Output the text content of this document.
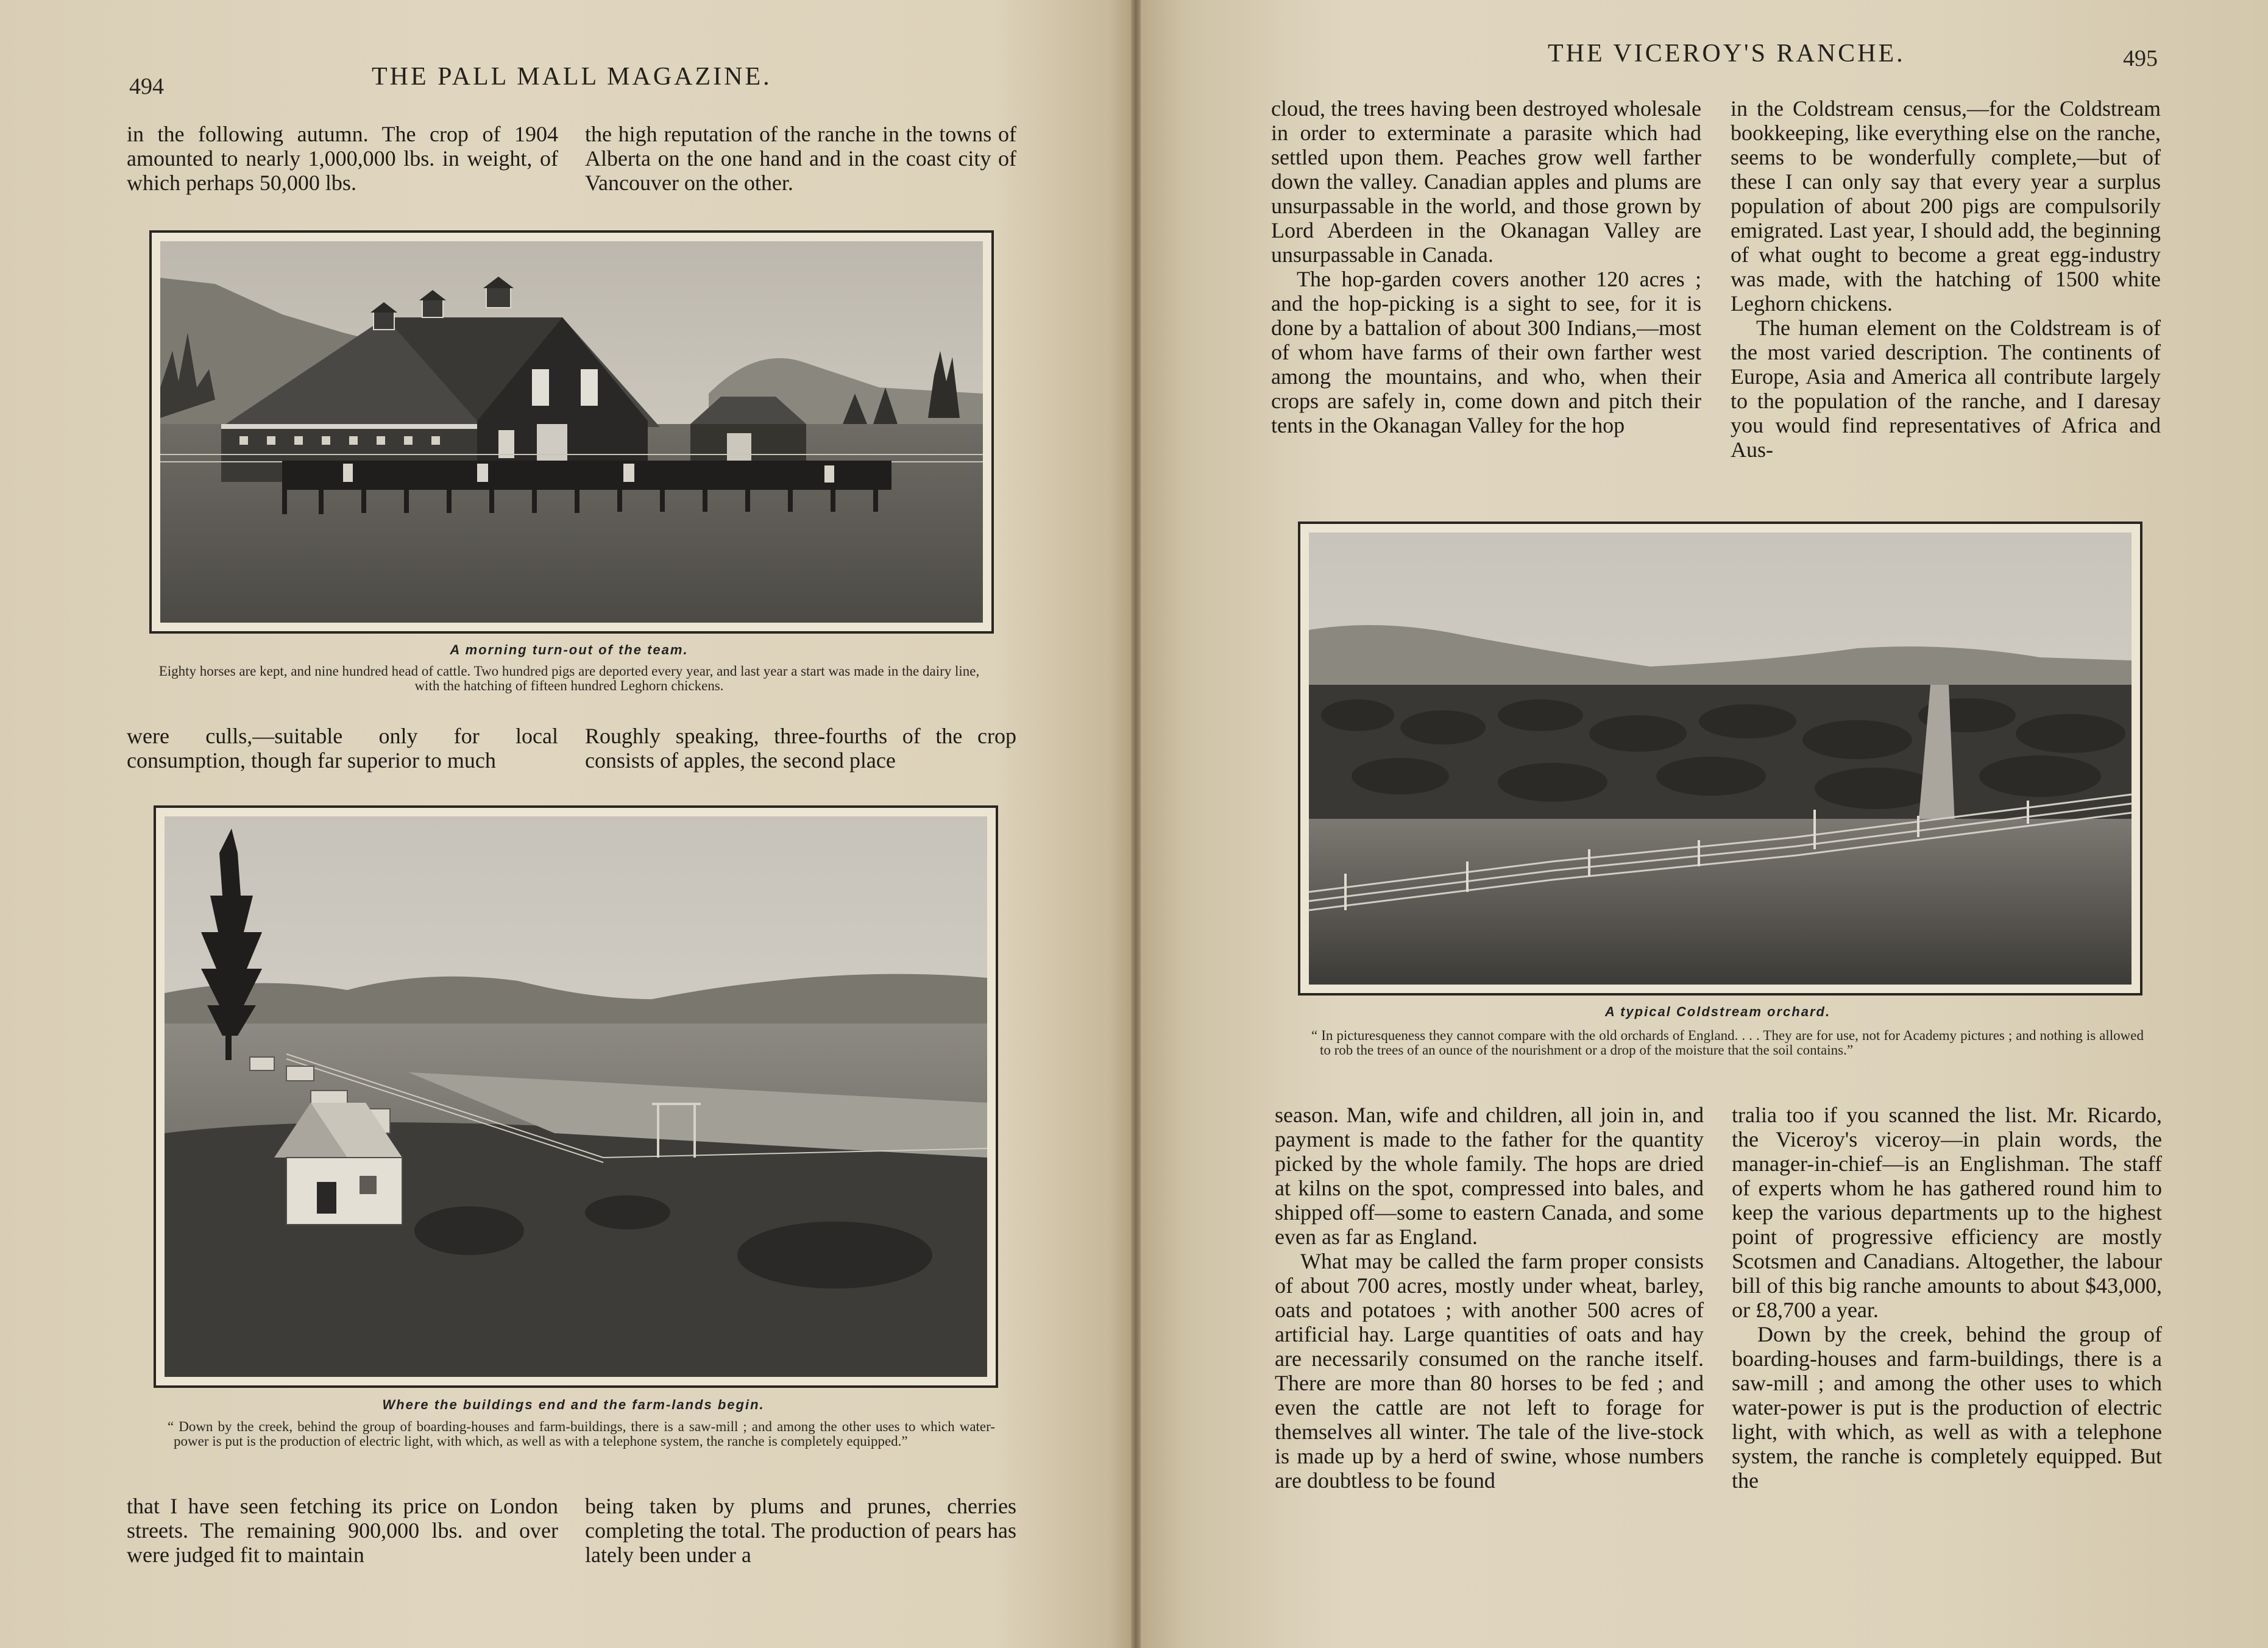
494	THE PALL MALL MAGAZINE.
in the following autumn. The crop of 1904 amounted to nearly 1,000,000 lbs. in weight, of which perhaps 50,000 lbs.
the high reputation of the ranche in the towns of Alberta on the one hand and in the coast city of Vancouver on the other.
A morning turn-out of the team.
Eighty horses are kept, and nine hundred head of cattle. Two hundred pigs are deported every year, and last year a start was made in the dairy line, with the hatching of fifteen hundred Leghorn chickens.
were culls,—suitable only for local consumption, though far superior to much
Roughly speaking, three-fourths of the crop consists of apples, the second place
Where the buildings end and the farm-lands begin.
“ Down by the creek, behind the group of boarding-houses and farm-buildings, there is a saw-mill ; and among the other uses to which water-power is put is the production of electric light, with which, as well as with a telephone system, the ranche is completely equipped.”
that I have seen fetching its price on London streets. The remaining 900,000 lbs. and over were judged fit to maintain
being taken by plums and prunes, cherries completing the total. The production of pears has lately been under a
THE VICEROY'S RANCHE.	495

cloud, the trees having been destroyed wholesale in order to exterminate a parasite which had settled upon them. Peaches grow well farther down the valley. Canadian apples and plums are unsurpassable in the world, and those grown by Lord Aberdeen in the Okanagan Valley are unsurpassable in Canada.

The hop-garden covers another 120 acres ; and the hop-picking is a sight to see, for it is done by a battalion of about 300 Indians,—most of whom have farms of their own farther west among the mountains, and who, when their crops are safely in, come down and pitch their tents in the Okanagan Valley for the hop

in the Coldstream census,—for the Coldstream bookkeeping, like everything else on the ranche, seems to be wonderfully complete,—but of these I can only say that every year a surplus population of about 200 pigs are compulsorily emigrated. Last year, I should add, the beginning of what ought to become a great egg-industry was made, with the hatching of 1500 white Leghorn chickens.

The human element on the Coldstream is of the most varied description. The continents of Europe, Asia and America all contribute largely to the population of the ranche, and I daresay you would find representatives of Africa and Aus-

A typical Coldstream orchard.
“ In picturesqueness they cannot compare with the old orchards of England. . . . They are for use, not for Academy pictures ; and nothing is allowed to rob the trees of an ounce of the nourishment or a drop of the moisture that the soil contains.”

season. Man, wife and children, all join in, and payment is made to the father for the quantity picked by the whole family. The hops are dried at kilns on the spot, compressed into bales, and shipped off—some to eastern Canada, and some even as far as England.

What may be called the farm proper consists of about 700 acres, mostly under wheat, barley, oats and potatoes ; with another 500 acres of artificial hay. Large quantities of oats and hay are necessarily consumed on the ranche itself. There are more than 80 horses to be fed ; and even the cattle are not left to forage for themselves all winter. The tale of the live-stock is made up by a herd of swine, whose numbers are doubtless to be found

tralia too if you scanned the list. Mr. Ricardo, the Viceroy's viceroy—in plain words, the manager-in-chief—is an Englishman. The staff of experts whom he has gathered round him to keep the various departments up to the highest point of progressive efficiency are mostly Scotsmen and Canadians. Altogether, the labour bill of this big ranche amounts to about $43,000, or £8,700 a year.

Down by the creek, behind the group of boarding-houses and farm-buildings, there is a saw-mill ; and among the other uses to which water-power is put is the production of electric light, with which, as well as with a telephone system, the ranche is completely equipped. But the
